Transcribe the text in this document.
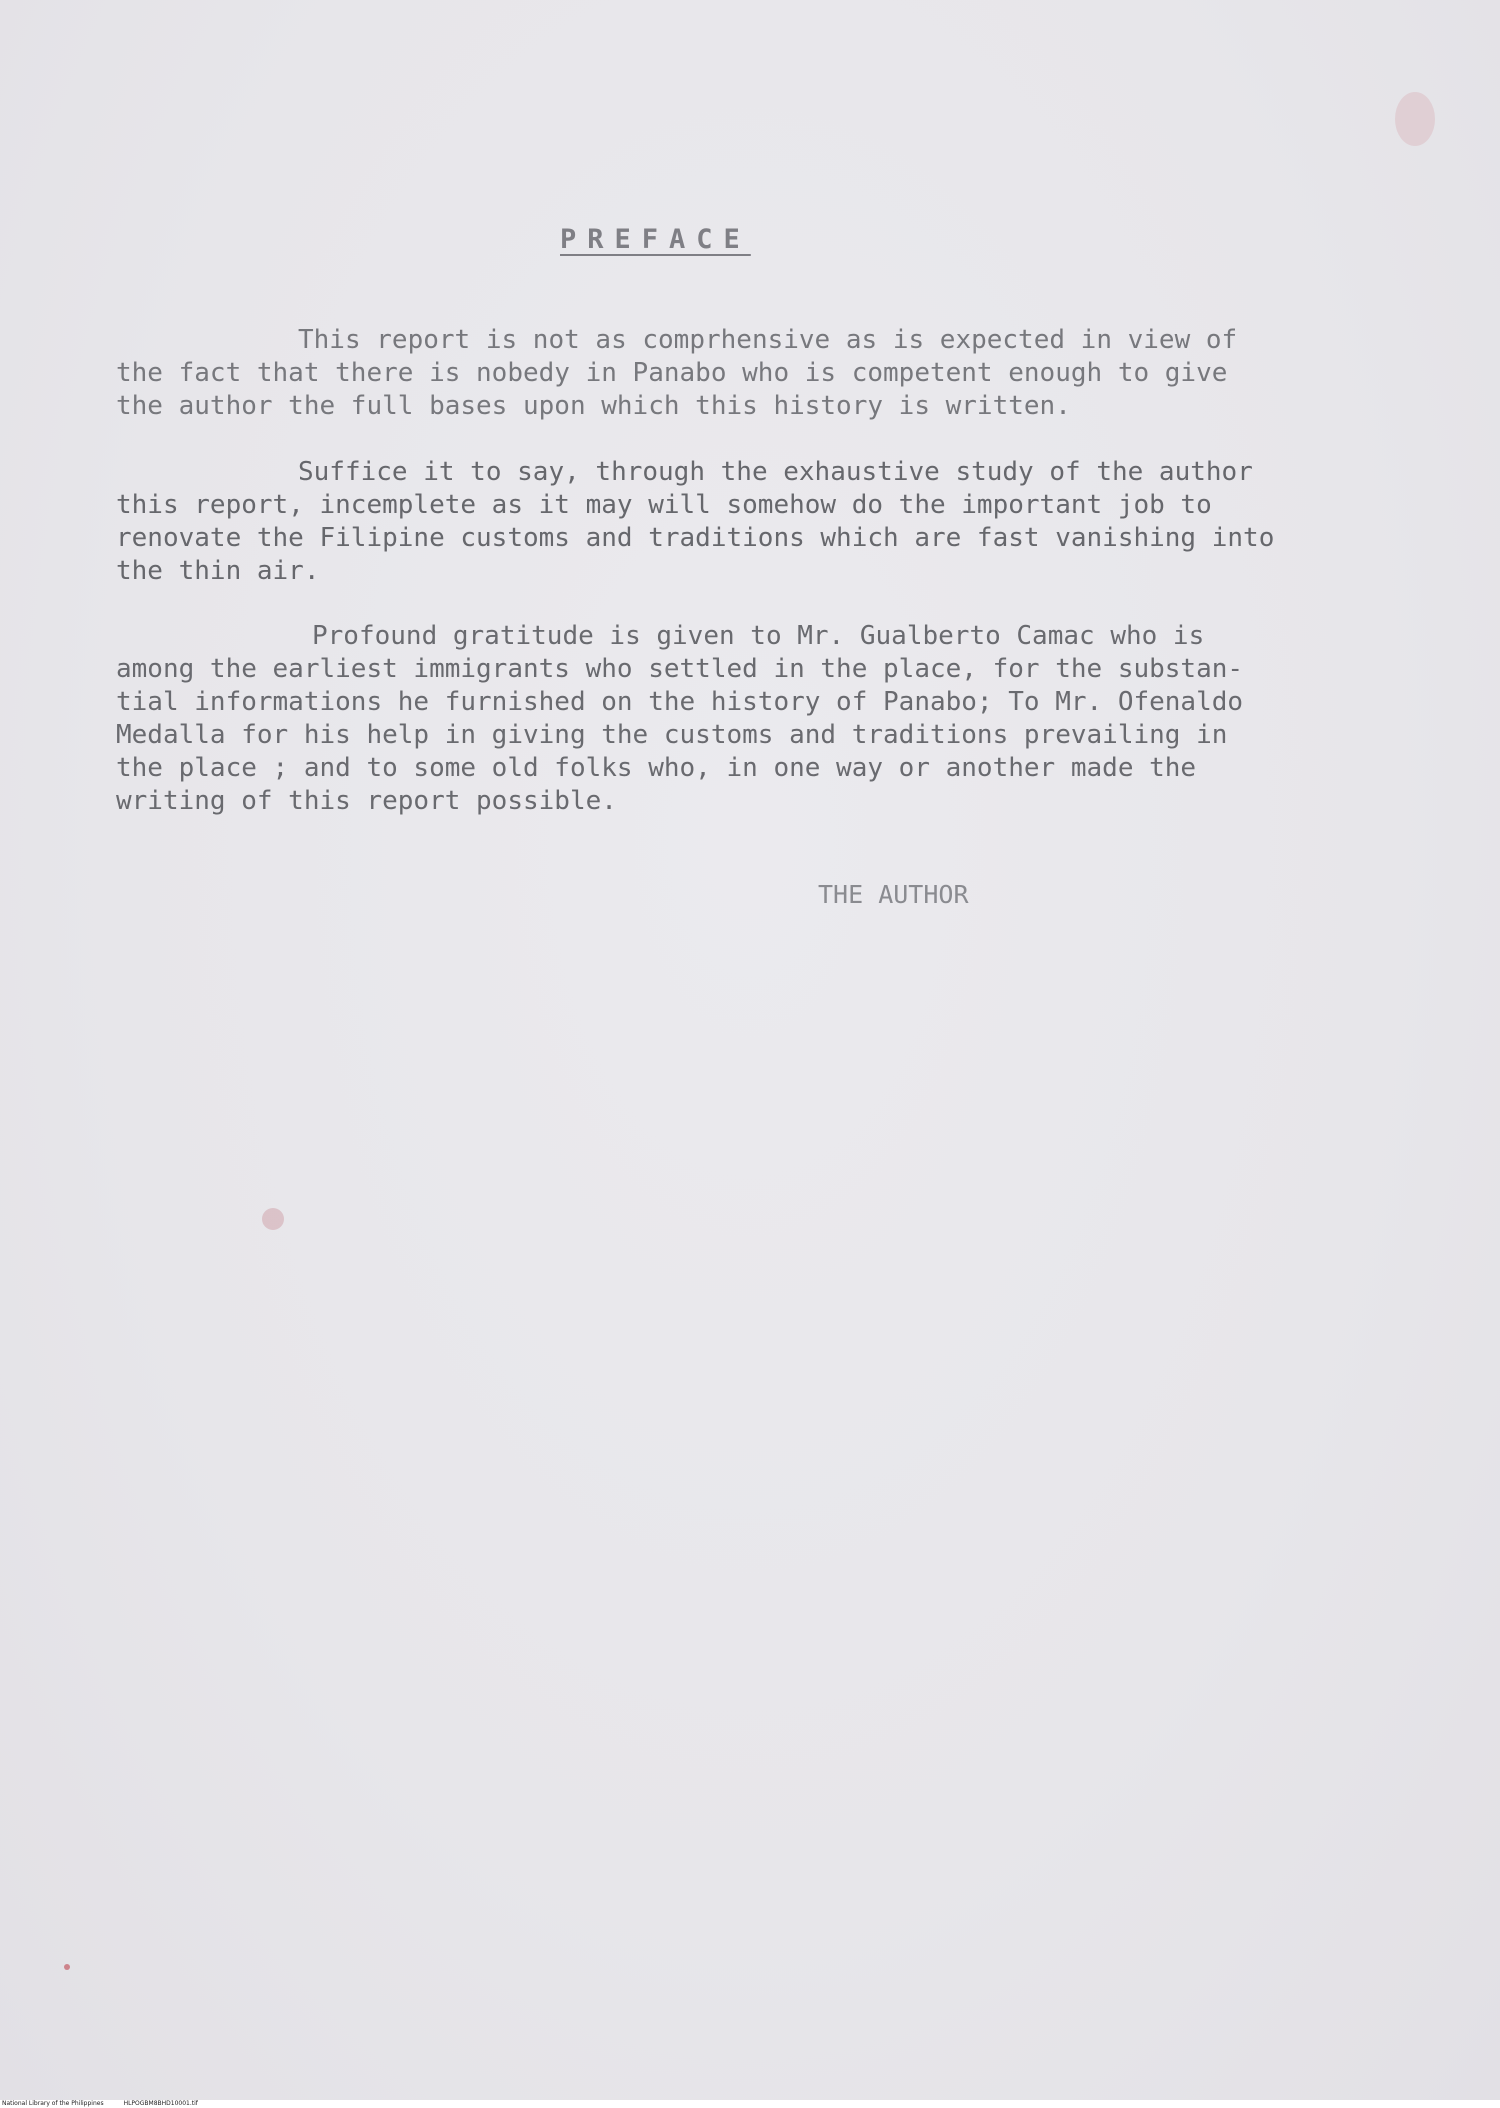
PREFACE

This report is not as comprhensive as is expected in view of
the fact that there is nobedy in Panabo who is competent enough to give
the author the full bases upon which this history is written.

Suffice it to say, through the exhaustive study of the author
this report, incemplete as it may will somehow do the important job to
renovate the Filipine customs and traditions which are fast vanishing into
the thin air.

Profound gratitude is given to Mr. Gualberto Camac who is
among the earliest immigrants who settled in the place, for the substan-
tial informations he furnished on the history of Panabo; To Mr. Ofenaldo
Medalla for his help in giving the customs and traditions prevailing in
the place ; and to some old folks who, in one way or another made the
writing of this report possible.

THE AUTHOR

National Library of the Philippines	HLPOGBM8BHD10001.tif
